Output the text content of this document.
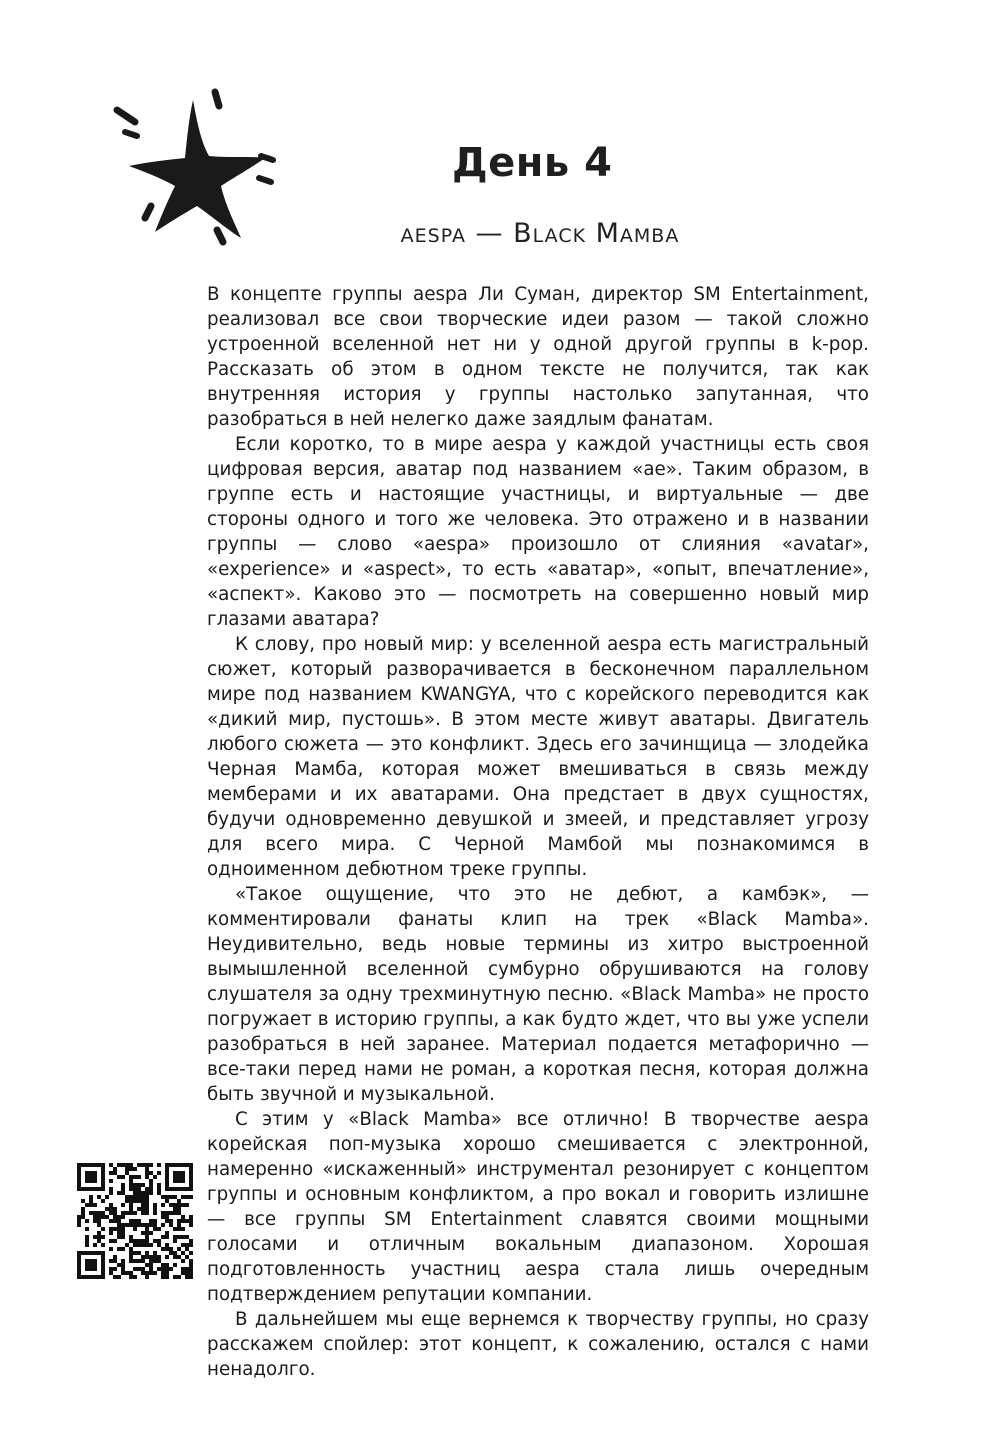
День 4
aespa — Black Mamba

В концепте группы aespa Ли Суман, директор SM Entertainment, реализовал все свои творческие идеи разом — такой сложно устроенной вселенной нет ни у одной другой группы в k-pop. Рассказать об этом в одном тексте не получится, так как внутренняя история у группы настолько запутанная, что разобраться в ней нелегко даже заядлым фанатам.

Если коротко, то в мире aespa у каждой участницы есть своя цифровая версия, аватар под названием «ae». Таким образом, в группе есть и настоящие участницы, и виртуальные — две стороны одного и того же человека. Это отражено и в названии группы — слово «aespa» произошло от слияния «avatar», «experience» и «aspect», то есть «аватар», «опыт, впечатление», «аспект». Каково это — посмотреть на совершенно новый мир глазами аватара?

К слову, про новый мир: у вселенной aespa есть магистральный сюжет, который разворачивается в бесконечном параллельном мире под названием KWANGYA, что с корейского переводится как «дикий мир, пустошь». В этом месте живут аватары. Двигатель любого сюжета — это конфликт. Здесь его зачинщица — злодейка Черная Мамба, которая может вмешиваться в связь между мемберами и их аватарами. Она предстает в двух сущностях, будучи одновременно девушкой и змеей, и представляет угрозу для всего мира. С Черной Мамбой мы познакомимся в одноименном дебютном треке группы.

«Такое ощущение, что это не дебют, а камбэк», — комментировали фанаты клип на трек «Black Mamba». Неудивительно, ведь новые термины из хитро выстроенной вымышленной вселенной сумбурно обрушиваются на голову слушателя за одну трехминутную песню. «Black Mamba» не просто погружает в историю группы, а как будто ждет, что вы уже успели разобраться в ней заранее. Материал подается метафорично — все-таки перед нами не роман, а короткая песня, которая должна быть звучной и музыкальной.

С этим у «Black Mamba» все отлично! В творчестве aespa корейская поп-музыка хорошо смешивается с электронной, намеренно «искаженный» инструментал резонирует с концептом группы и основным конфликтом, а про вокал и говорить излишне — все группы SM Entertainment славятся своими мощными голосами и отличным вокальным диапазоном. Хорошая подготовленность участниц aespa стала лишь очередным подтверждением репутации компании.

В дальнейшем мы еще вернемся к творчеству группы, но сразу расскажем спойлер: этот концепт, к сожалению, остался с нами ненадолго.
